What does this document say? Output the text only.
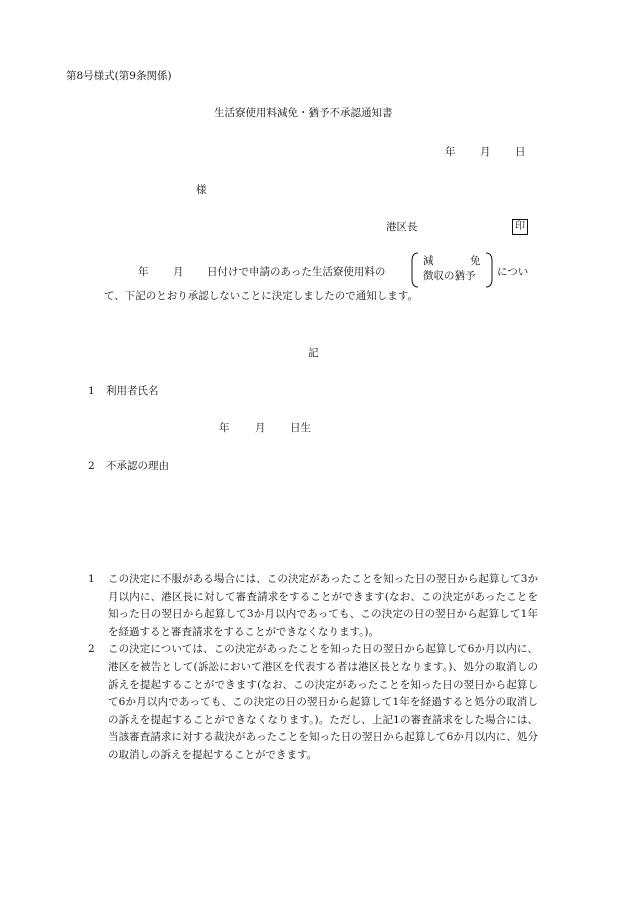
第8号様式(第9条関係)
生活寮使用料減免・猶予不承認通知書
年 月 日
様
港区長	印
年 月 日付けで申請のあった生活寮使用料の
減	免
徴収の猶予 につい
て、下記のとおり承認しないことに決定しましたので通知します。
記
1 利用者氏名
年 月 日生
2 不承認の理由
1	この決定に不服がある場合には、この決定があったことを知った日の翌日から起算して3か月以内に、港区長に対して審査請求をすることができます(なお、この決定があったことを知った日の翌日から起算して3か月以内であっても、この決定の日の翌日から起算して1年を経過すると審査請求をすることができなくなります。)。
2	この決定については、この決定があったことを知った日の翌日から起算して6か月以内に、港区を被告として(訴訟において港区を代表する者は港区長となります。)、処分の取消しの訴えを提起することができます(なお、この決定があったことを知った日の翌日から起算して6か月以内であっても、この決定の日の翌日から起算して1年を経過すると処分の取消しの訴えを提起することができなくなります。)。ただし、上記1の審査請求をした場合には、当該審査請求に対する裁決があったことを知った日の翌日から起算して6か月以内に、処分の取消しの訴えを提起することができます。
